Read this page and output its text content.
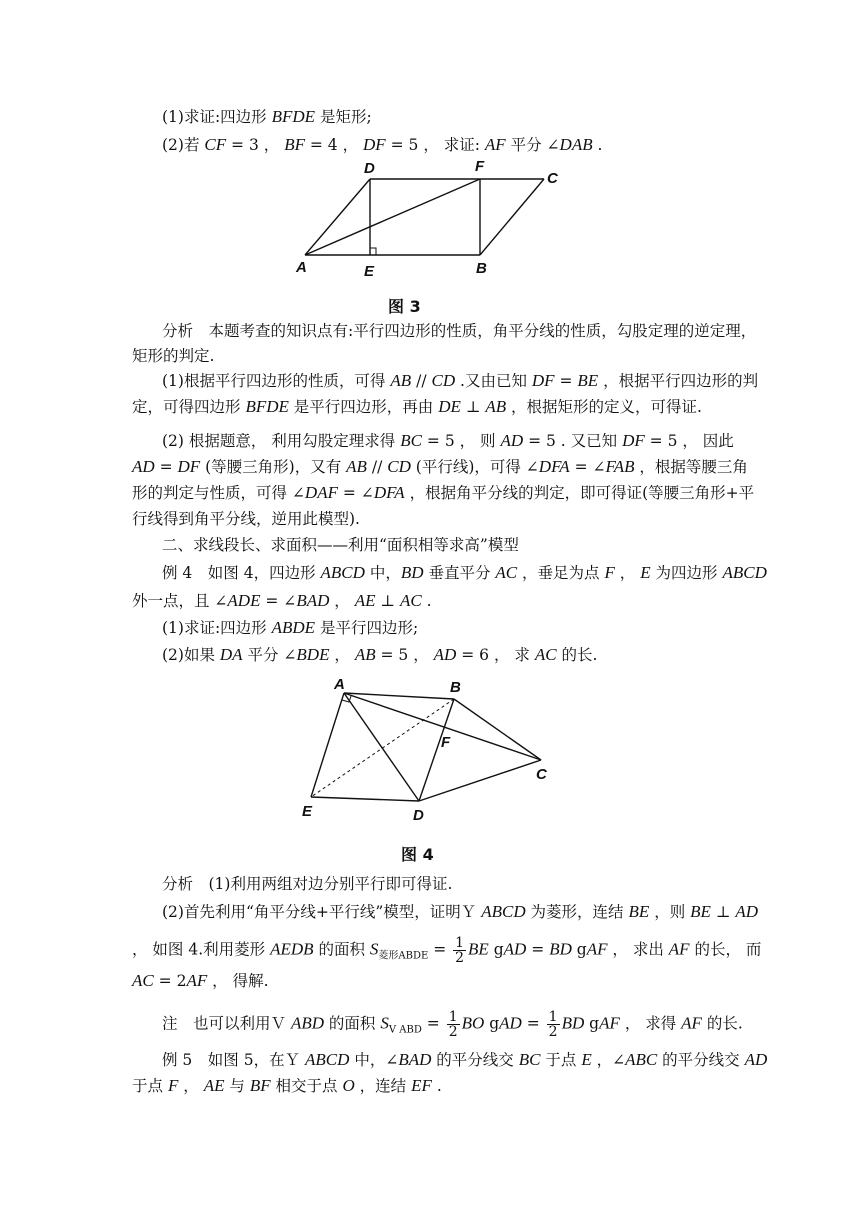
(1)求证:四边形 BFDE 是矩形;
(2)若 CF = 3 ， BF = 4 ， DF = 5 ， 求证: AF 平分 ∠DAB .
A	E	B
D	F
C
图 3
分析　本题考查的知识点有:平行四边形的性质，角平分线的性质，勾股定理的逆定理，
矩形的判定.
(1)根据平行四边形的性质，可得 AB // CD .又由已知 DF = BE ，根据平行四边形的判
定，可得四边形 BFDE 是平行四边形，再由 DE ⊥ AB ，根据矩形的定义，可得证.
(2) 根据题意， 利用勾股定理求得 BC = 5 ， 则 AD = 5 . 又已知 DF = 5 ， 因此
AD = DF (等腰三角形)，又有 AB // CD (平行线)，可得 ∠DFA = ∠FAB ，根据等腰三角
形的判定与性质，可得 ∠DAF = ∠DFA ，根据角平分线的判定，即可得证(等腰三角形+平
行线得到角平分线，逆用此模型).
二、求线段长、求面积——利用“面积相等求高”模型
例 4　如图 4，四边形 ABCD 中，BD 垂直平分 AC ，垂足为点 F ， E 为四边形 ABCD
外一点，且 ∠ADE = ∠BAD ， AE ⊥ AC .
(1)求证:四边形 ABDE 是平行四边形;
(2)如果 DA 平分 ∠BDE ， AB = 5 ， AD = 6 ， 求 AC 的长.
A	B
F
C
E	D
图 4
分析　(1)利用两组对边分别平行即可得证.
(2)首先利用“角平分线+平行线”模型，证明Ｙ ABCD 为菱形，连结 BE ，则 BE ⊥ AD
， 如图 4.利用菱形 AEDB 的面积 $S_{菱形ABDE} = \frac{1}{2}$ BE gAD = BD gAF ， 求出 AF 的长， 而
AC = 2AF ， 得解.
注　也可以利用Ｖ ABD 的面积 $S_{V ABD} = \frac{1}{2}$ BO gAD = $\frac{1}{2}$ BD gAF ， 求得 AF 的长.
例 5　如图 5，在Ｙ ABCD 中，∠BAD 的平分线交 BC 于点 E ，∠ABC 的平分线交 AD
于点 F ， AE 与 BF 相交于点 O ，连结 EF .
